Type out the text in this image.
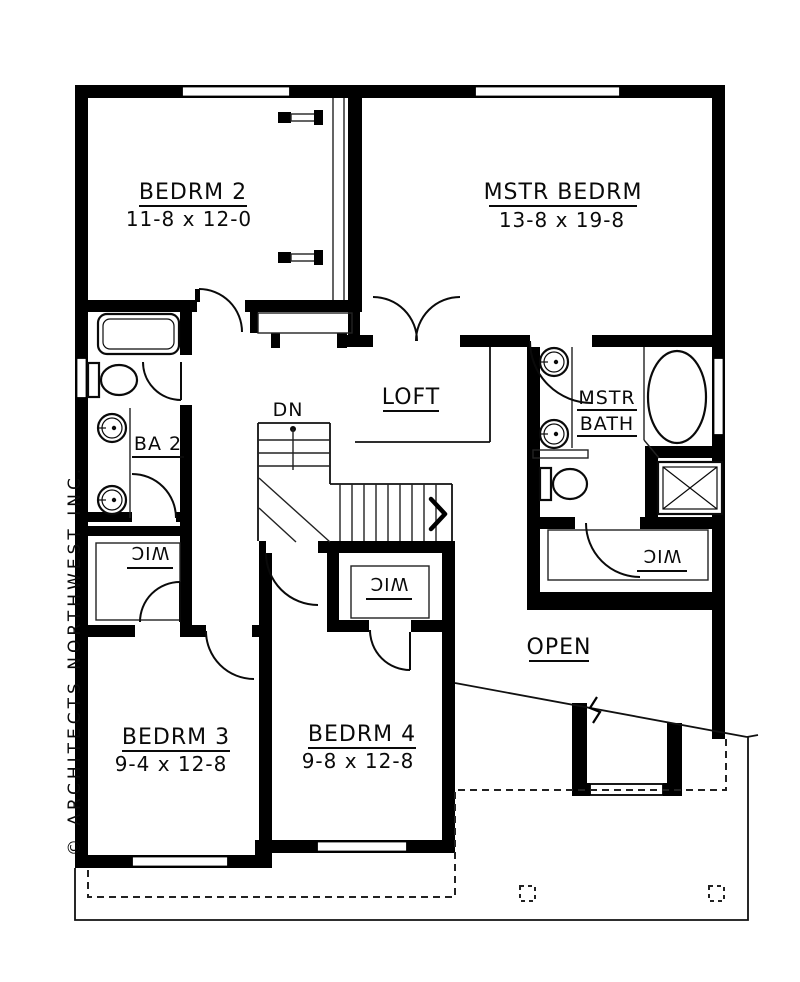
BEDRM 2
11-8 x 12-0
MSTR BEDRM
13-8 x 19-8
BA 2
DN	LOFT	MSTR
BATH
WIC
WIC
WIC
OPEN
BEDRM 3
9-4 x 12-8
BEDRM 4
9-8 x 12-8
© ARCHITECTS NORTHWEST INC.
